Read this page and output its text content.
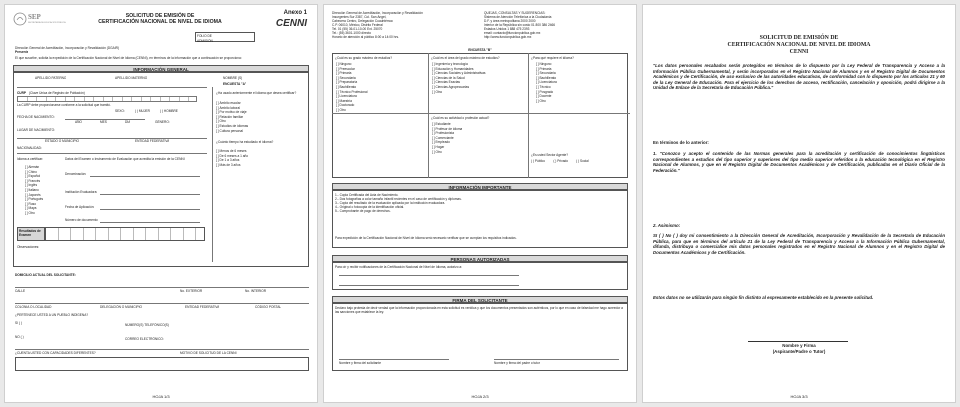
SEP
SECRETARÍA DE EDUCACIÓN PÚBLICA
SOLICITUD DE EMISIÓN DE
CERTIFICACIÓN NACIONAL DE NIVEL DE IDIOMA
Anexo 1
CENNI
FOLIO DE
ADMISIÓN
Dirección General de Acreditación, Incorporación y Revalidación (DGAIR)
Presente
El que suscribe, solicita la expedición de la Certificación Nacional de Nivel de Idioma (CENNI), en términos de la información que a continuación se proporciona:
INFORMACIÓN GENERAL
APELLIDO PATERNO	APELLIDO MATERNO	NOMBRE (S)
ENCUESTA "A"
CURP (Clave Única de Registro de Población)
La CURP debe proporcionarse conforme a la solicitud que tramitó.
SEXO:	( ) MUJER	( ) HOMBRE
FECHA DE NACIMIENTO:
AÑO	MES	DÍA	GÉNERO:
LUGAR DE NACIMIENTO:
ESTADO O MUNICIPIO	ENTIDAD FEDERATIVA
NACIONALIDAD:
Idioma a certificar:
[ ] Alemán
[ ] Chino
[ ] Español
[ ] Francés
[ ] Inglés
[ ] Italiano
[ ] Japonés
[ ] Portugués
[ ] Ruso
[ ] Maya
[ ] Otro
Datos del Examen o Instrumento de Evaluación que acredita la emisión de la CENNI
Denominación:
Institución Evaluadora:
Fecha de Aplicación:
Número de documento:
Resultados de Examen
Observaciones:
¿Ha usado anteriormente el idioma que desea certificar?
[ ] Ámbito escolar
[ ] Ámbito laboral
[ ] Por motivo de viaje
[ ] Relación familiar
[ ] Otro
[ ] Estudios de idiomas
[ ] Cultura personal
¿Cuánto tiempo ha estudiado el idioma?
[ ] Menos de 6 meses
[ ] De 6 meses a 1 año
[ ] De 1 a 3 años
[ ] Más de 3 años
DOMICILIO ACTUAL DEL SOLICITANTE:
CALLE	No. EXTERIOR	No. INTERIOR
COLONIA O LOCALIDAD	DELEGACIÓN O MUNICIPIO	ENTIDAD FEDERATIVA	CÓDIGO POSTAL
¿PERTENECE USTED A UN PUEBLO INDÍGENA?
SI ( )
NO ( )
NÚMERO(S) TELEFÓNICO(S)
CORREO ELECTRÓNICO:
¿CUENTA USTED CON CAPACIDADES DIFERENTES?	MOTIVO DE SOLICITUD DE LA CENNI
HOJA 1/3
Dirección General de Acreditación, Incorporación y Revalidación
Insurgentes Sur 2387, Col. San Ángel,
Cabecera Centro, Delegación Cuauhtémoc
C.P. 06010, México, Distrito Federal
Tel. 01 (55) 36-01-10-00 Ext. 25070
Tel.: (55) 3601-1000 directo
Horario de atención al público 8:00 a 14:00 hrs.
QUEJAS, CONSULTAS Y SUGERENCIAS:
Sistema de Atención Telefónica a la Ciudadanía
D.F. y área metropolitana 2000 2000
Interior de la República sin costo 01 800 386 2466
Estados Unidos 1 888 475 2393
email: contacto@funcionpublica.gob.mx
http://www.funcionpublica.gob.mx
ENCUESTA "B"
¿Cuál es su grado máximo de estudios?
[ ] Ninguno
[ ] Preescolar
[ ] Primaria
[ ] Secundaria
[ ] Preparatoria
[ ] Bachillerato
[ ] Técnico Profesional
[ ] Licenciatura
[ ] Maestría
[ ] Doctorado
[ ] Otro
¿Cuál es el área del grado máximo de estudios?
[ ] Ingeniería y tecnología
[ ] Educación y Humanidades
[ ] Ciencias Sociales y Administrativas
[ ] Ciencias de la Salud
[ ] Ciencias Exactas
[ ] Ciencias Agropecuarias
[ ] Otra
¿Para qué requiere el idioma?
[ ] Ninguno
[ ] Primaria
[ ] Secundaria
[ ] Bachillerato
[ ] Licenciatura
[ ] Técnico
[ ] Posgrado
[ ] Docente
[ ] Otro
¿Cuál es su actividad o profesión actual?
[ ] Estudiante
[ ] Profesor de idioma
[ ] Profesionista
[ ] Comerciante
[ ] Empleado
[ ] Hogar
[ ] Otro
¿Es usted Sector Agente?
( ) Público	( ) Privado	( ) Social
INFORMACIÓN IMPORTANTE
1.- Copia Certificada del Acta de Nacimiento.
2.- Dos fotografías a color tamaño infantil recientes en el caso de certificación y diplomas.
3.- Copia del resultado de la evaluación aplicada por la institución evaluadora.
4.- Original o fotocopia de la identificación oficial.
5.- Comprobante de pago de derechos.
Para expedición de la Certificación Nacional de Nivel de Idioma será necesario verificar que se cumplan los requisitos indicados.
PERSONAS AUTORIZADAS
Para oír y recibir notificaciones de la Certificación Nacional de Nivel de Idioma, autorizo a:
FIRMA DEL SOLICITANTE
Declaro bajo protesta de decir verdad que la información proporcionada en esta solicitud es verídica y que los documentos presentados son auténticos, por lo que en caso de falsedad me hago acreedor a las sanciones que establece la ley.
Nombre y firma del solicitante	Nombre y firma del padre o tutor
HOJA 2/3
SOLICITUD DE EMISIÓN DE
CERTIFICACIÓN NACIONAL DE NIVEL DE IDIOMA
CENNI
"Los datos personales recabados serán protegidos en términos de lo dispuesto por la Ley Federal de Transparencia y Acceso a la Información Pública Gubernamental, y serán incorporados en el Registro Nacional de Alumnos y en el Registro Digital de Documentos Académicos y de Certificación, de uso exclusivo de las autoridades educativas, de conformidad con lo dispuesto por los artículos 21 y 60 de la Ley General de Educación. Para el ejercicio de los derechos de acceso, rectificación, cancelación y oposición, podrá dirigirse a la Unidad de Enlace de la Secretaría de Educación Pública."
En términos de lo anterior:
1. "Conozco y acepto el contenido de las Normas generales para la acreditación y certificación de conocimientos lingüísticos correspondientes a estudios del tipo superior y superiores del tipo medio superior referidos a la educación tecnológica en el Registro Nacional de Alumnos, y que en el Registro Digital de Documentos Académicos y de Certificación, publicadas en el Diario Oficial de la Federación."
2. Asimismo:
SI ( ) No ( ) doy mi consentimiento a la Dirección General de Acreditación, Incorporación y Revalidación de la Secretaría de Educación Pública, para que en términos del artículo 21 de la Ley Federal de Transparencia y Acceso a la Información Pública Gubernamental, difunda, distribuya o comercialice mis datos personales registrados en el Registro Nacional de Alumnos y en el Registro Digital de Documentos Académicos y de Certificación.
Estos datos no se utilizarán para ningún fin distinto al expresamente establecido en la presente solicitud.
Nombre y Firma
(Aspirante/Padre o Tutor)
HOJA 3/3
